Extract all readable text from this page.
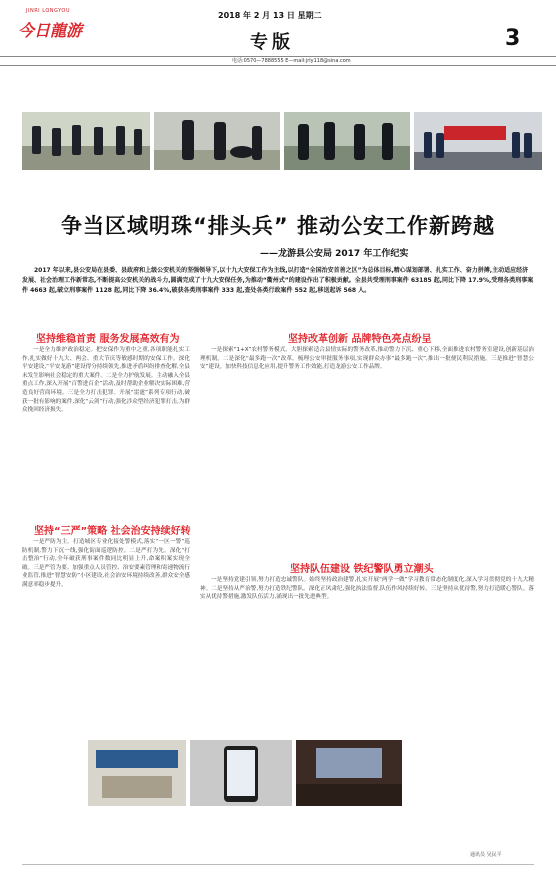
JINRI LONGYOU
今日龍游
2018 年 2 月 13 日 星期二
专版	3
电话:0570—7888555 E—mail:jrly118@sina.com
争当区域明珠“排头兵” 推动公安工作新跨越
——龙游县公安局 2017 年工作纪实
2017 年以来,县公安局在县委、县政府和上级公安机关的坚强领导下,以十九大安保工作为主线,以打造“全国治安首善之区”为总体目标,精心谋划部署、扎实工作、奋力拼搏,主动适应经济发展、社会治理工作新常态,不断提高公安机关的战斗力,圆满完成了十九大安保任务,为推动“衢州式”的建设作出了积极贡献。全县共受理刑事案件 63185 起,同比下降 17.9%,受理各类刑事案件 4663 起,破立刑事案件 1128 起,同比下降 36.4%,破获各类刑事案件 333 起,查处各类行政案件 552 起,移送起诉 568 人。
坚持维稳首责 服务发展高效有为
一是全力维护政治稳定。把安保作为重中之重,各项职能扎实工作,扎实做好十九大、两会、重大节庆等敏感时期的安保工作。深化平安建设,“平安龙游”建设得分持续领先,推进矛盾纠纷排查化解,全县未发生影响社会稳定的重大案件。二是全力护航发展。主动融入全县重点工作,深入开展“百警进百企”活动,及时帮助企业解决实际困难,营造良好营商环境。三是全力打击犯罪。开展“雷霆”系列专项行动,破获一批有影响的案件,深化“云剑”行动,强化涉众型经济犯罪打击,为群众挽回经济损失。
坚持“三严”策略 社会治安持续好转
一是严防为主。打造城区专业化接处警模式,落实“一区一警”巡防机制,警力下沉一线,强化街面巡逻防控。二是严打为先。深化“打击整治”行动,全年破获刑事案件数同比明显上升,命案积案实现全破。三是严管为要。加强重点人员管控、治安要素管理和寄递物流行业监管,推进“智慧安防”小区建设,社会治安环境持续改善,群众安全感满意率稳步提升。
坚持改革创新 品牌特色亮点纷呈
一是探索“1+X”农村警务模式。大胆探索适合县情实际的警务改革,推动警力下沉、重心下移,全面推进农村警务室建设,创新基层治理机制。二是深化“最多跑一次”改革。梳理公安审批服务事项,实现群众办事“最多跑一次”,推出一批便民利民措施。三是推进“智慧公安”建设。加快科技信息化应用,提升警务工作效能,打造龙游公安工作品牌。
坚持队伍建设 铁纪警队勇立潮头
一是坚持党建引领,努力打造忠诚警队。始终坚持政治建警,扎实开展“两学一做”学习教育常态化制度化,深入学习贯彻党的十九大精神。二是坚持从严治警,努力打造铁纪警队。深化正风肃纪,强化执法监督,队伍作风持续好转。三是坚持从优待警,努力打造暖心警队。落实从优待警措施,激发队伍活力,涌现出一批先进典型。
通讯员 吴民平
